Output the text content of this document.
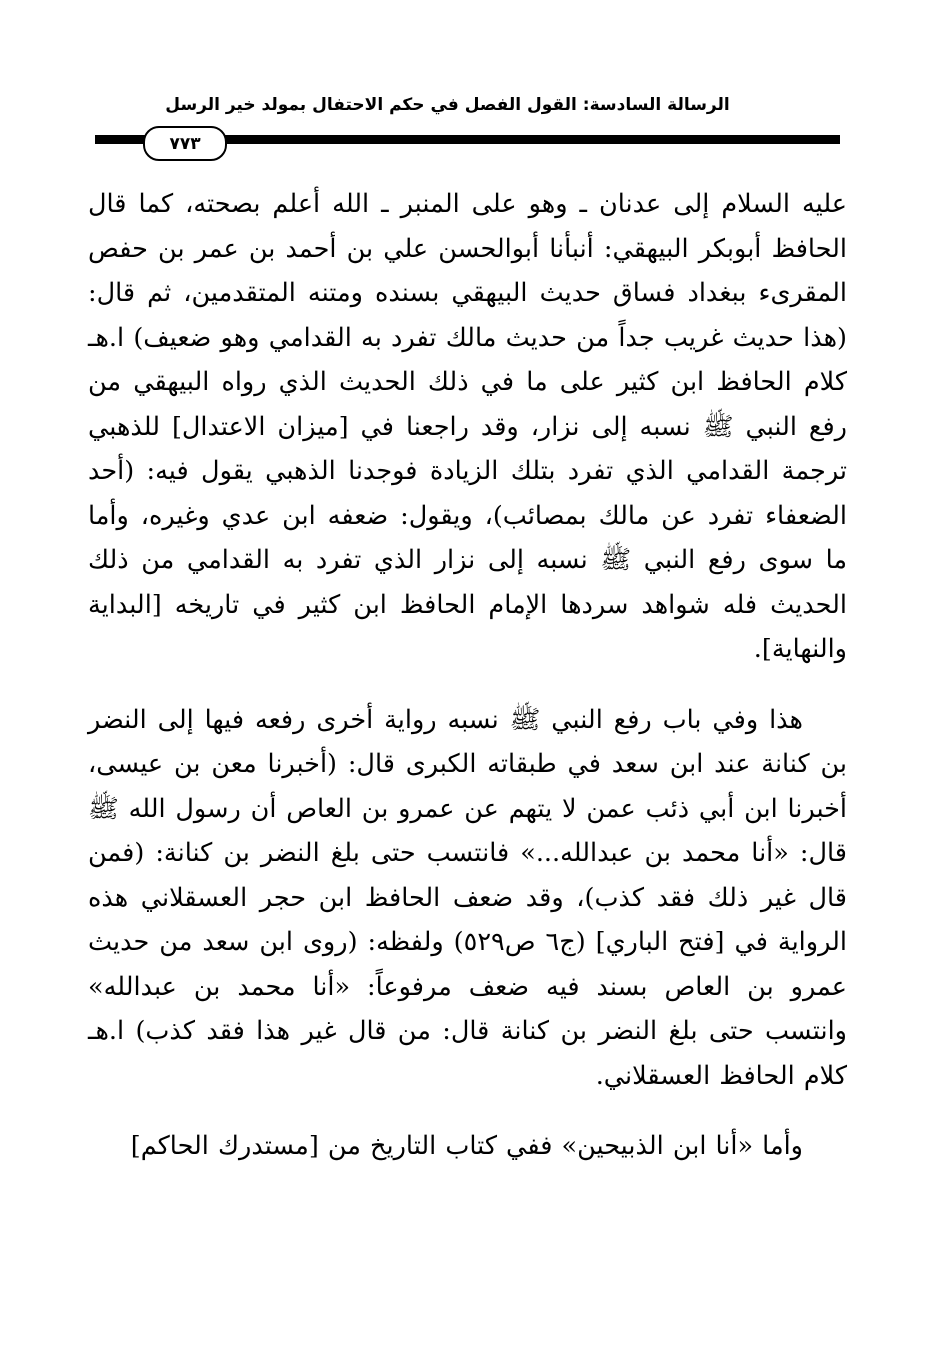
الرسالة السادسة: القول الفصل في حكم الاحتفال بمولد خير الرسل
٧٧٣

عليه السلام إلى عدنان ـ وهو على المنبر ـ الله أعلم بصحته، كما قال الحافظ أبوبكر البيهقي: أنبأنا أبوالحسن علي بن أحمد بن عمر بن حفص المقرىء ببغداد فساق حديث البيهقي بسنده ومتنه المتقدمين، ثم قال: (هذا حديث غريب جداً من حديث مالك تفرد به القدامي وهو ضعيف) ا.هـ كلام الحافظ ابن كثير على ما في ذلك الحديث الذي رواه البيهقي من رفع النبي ﷺ نسبه إلى نزار، وقد راجعنا في [ميزان الاعتدال] للذهبي ترجمة القدامي الذي تفرد بتلك الزيادة فوجدنا الذهبي يقول فيه: (أحد الضعفاء تفرد عن مالك بمصائب)، ويقول: ضعفه ابن عدي وغيره، وأما ما سوى رفع النبي ﷺ نسبه إلى نزار الذي تفرد به القدامي من ذلك الحديث فله شواهد سردها الإمام الحافظ ابن كثير في تاريخه [البداية والنهاية].

هذا وفي باب رفع النبي ﷺ نسبه رواية أخرى رفعه فيها إلى النضر بن كنانة عند ابن سعد في طبقاته الكبرى قال: (أخبرنا معن بن عيسى، أخبرنا ابن أبي ذئب عمن لا يتهم عن عمرو بن العاص أن رسول الله ﷺ قال: «أنا محمد بن عبدالله...» فانتسب حتى بلغ النضر بن كنانة: (فمن قال غير ذلك فقد كذب)، وقد ضعف الحافظ ابن حجر العسقلاني هذه الرواية في [فتح الباري] (ج٦ ص٥٢٩) ولفظه: (روى ابن سعد من حديث عمرو بن العاص بسند فيه ضعف مرفوعاً: «أنا محمد بن عبدالله» وانتسب حتى بلغ النضر بن كنانة قال: من قال غير هذا فقد كذب) ا.هـ كلام الحافظ العسقلاني.

وأما «أنا ابن الذبيحين» ففي كتاب التاريخ من [مستدرك الحاكم]
